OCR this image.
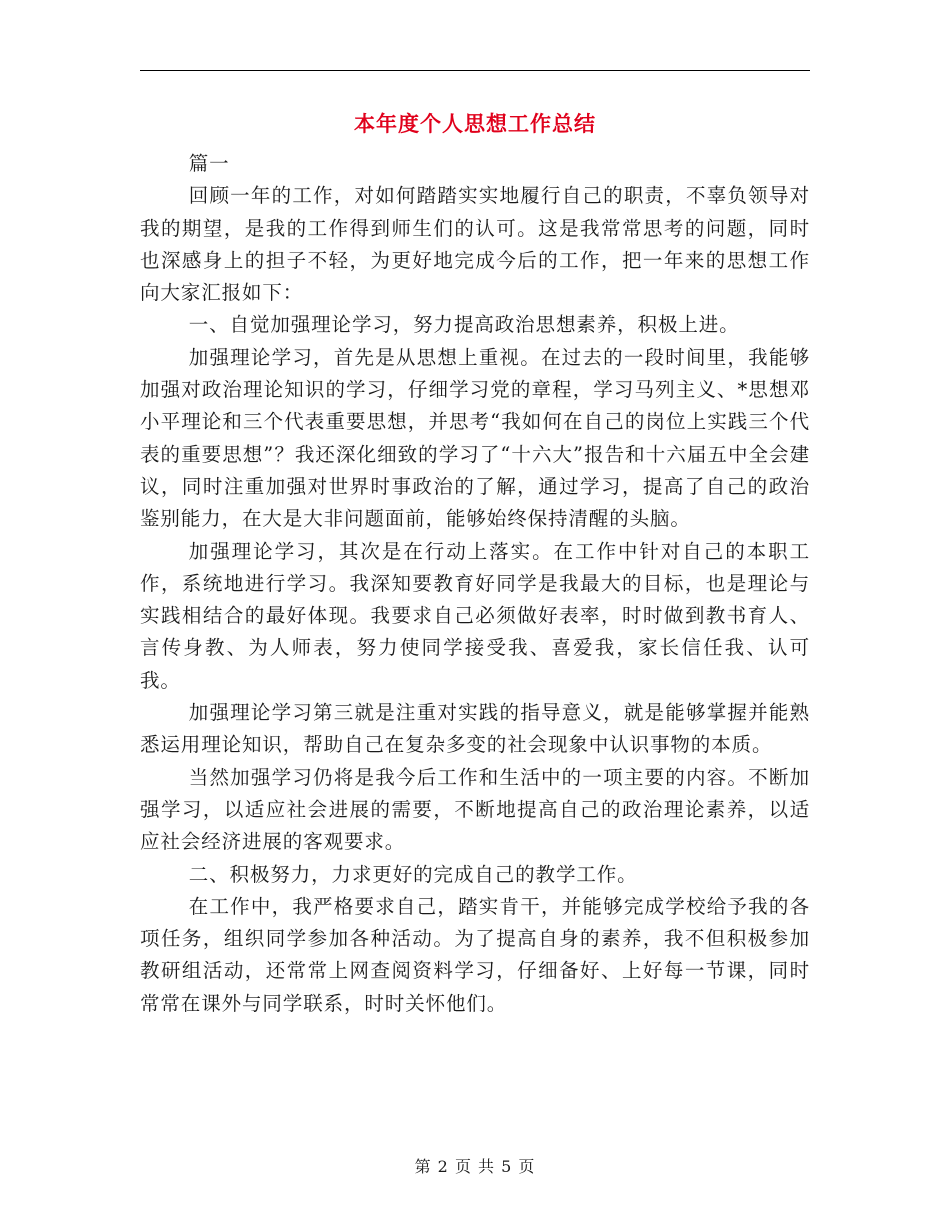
本年度个人思想工作总结

篇一

回顾一年的工作，对如何踏踏实实地履行自己的职责，不辜负领导对我的期望，是我的工作得到师生们的认可。这是我常常思考的问题，同时也深感身上的担子不轻，为更好地完成今后的工作，把一年来的思想工作向大家汇报如下：

一、自觉加强理论学习，努力提高政治思想素养，积极上进。

加强理论学习，首先是从思想上重视。在过去的一段时间里，我能够加强对政治理论知识的学习，仔细学习党的章程，学习马列主义、*思想邓小平理论和三个代表重要思想，并思考“我如何在自己的岗位上实践三个代表的重要思想”？我还深化细致的学习了“十六大”报告和十六届五中全会建议，同时注重加强对世界时事政治的了解，通过学习，提高了自己的政治鉴别能力，在大是大非问题面前，能够始终保持清醒的头脑。

加强理论学习，其次是在行动上落实。在工作中针对自己的本职工作，系统地进行学习。我深知要教育好同学是我最大的目标，也是理论与实践相结合的最好体现。我要求自己必须做好表率，时时做到教书育人、言传身教、为人师表，努力使同学接受我、喜爱我，家长信任我、认可我。

加强理论学习第三就是注重对实践的指导意义，就是能够掌握并能熟悉运用理论知识，帮助自己在复杂多变的社会现象中认识事物的本质。

当然加强学习仍将是我今后工作和生活中的一项主要的内容。不断加强学习，以适应社会进展的需要，不断地提高自己的政治理论素养，以适应社会经济进展的客观要求。

二、积极努力，力求更好的完成自己的教学工作。

在工作中，我严格要求自己，踏实肯干，并能够完成学校给予我的各项任务，组织同学参加各种活动。为了提高自身的素养，我不但积极参加教研组活动，还常常上网查阅资料学习，仔细备好、上好每一节课，同时常常在课外与同学联系，时时关怀他们。

第 2 页 共 5 页
